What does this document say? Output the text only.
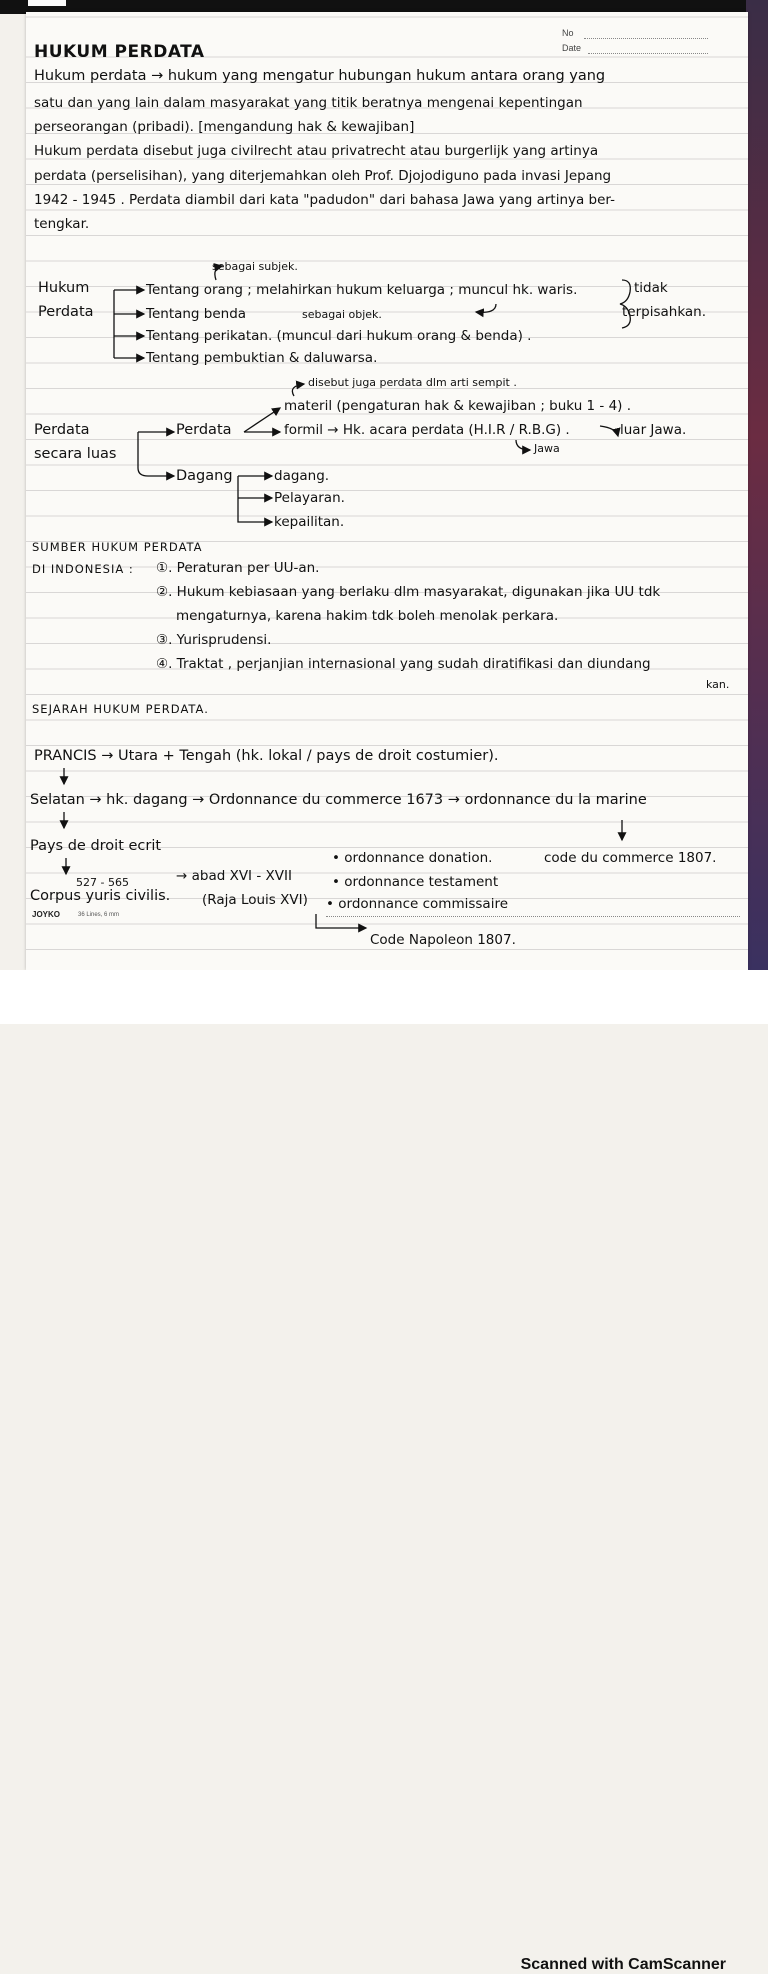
No
Date
HUKUM PERDATA
Hukum perdata → hukum yang mengatur hubungan hukum antara orang yang
satu dan yang lain dalam masyarakat yang titik beratnya mengenai kepentingan
perseorangan (pribadi). [mengandung hak & kewajiban]
Hukum perdata disebut juga civilrecht atau privatrecht atau burgerlijk yang artinya
perdata (perselisihan), yang diterjemahkan oleh Prof. Djojodiguno pada invasi Jepang
1942 - 1945 . Perdata diambil dari kata "padudon" dari bahasa Jawa yang artinya ber-
tengkar.
Hukum
Perdata
sebagai subjek.
Tentang orang ; melahirkan hukum keluarga ; muncul hk. waris.
Tentang benda	sebagai objek.
Tentang perikatan. (muncul dari hukum orang & benda) .
Tentang pembuktian & daluwarsa.
tidak
terpisahkan.
Perdata
secara luas
Perdata
disebut juga perdata dlm arti sempit .
materil (pengaturan hak & kewajiban ; buku 1 - 4) .
formil → Hk. acara perdata (H.I.R / R.B.G) .	luar Jawa.
Jawa
Dagang	dagang.
Pelayaran.
kepailitan.
SUMBER HUKUM PERDATA
DI INDONESIA : ①. Peraturan per UU-an.
②. Hukum kebiasaan yang berlaku dlm masyarakat, digunakan jika UU tdk
mengaturnya, karena hakim tdk boleh menolak perkara.
③. Yurisprudensi.
④. Traktat , perjanjian internasional yang sudah diratifikasi dan diundang
kan.
SEJARAH HUKUM PERDATA.
PRANCIS → Utara + Tengah (hk. lokal / pays de droit costumier).
Selatan → hk. dagang → Ordonnance du commerce 1673 → ordonnance du la marine
Pays de droit ecrit
• ordonnance donation.	code du commerce 1807.
527 - 565	→ abad XVI - XVII	• ordonnance testament
Corpus yuris civilis. (Raja Louis XVI) • ordonnance commissaire
Code Napoleon 1807.
JOYKO	36 Lines, 6 mm
Scanned with CamScanner
